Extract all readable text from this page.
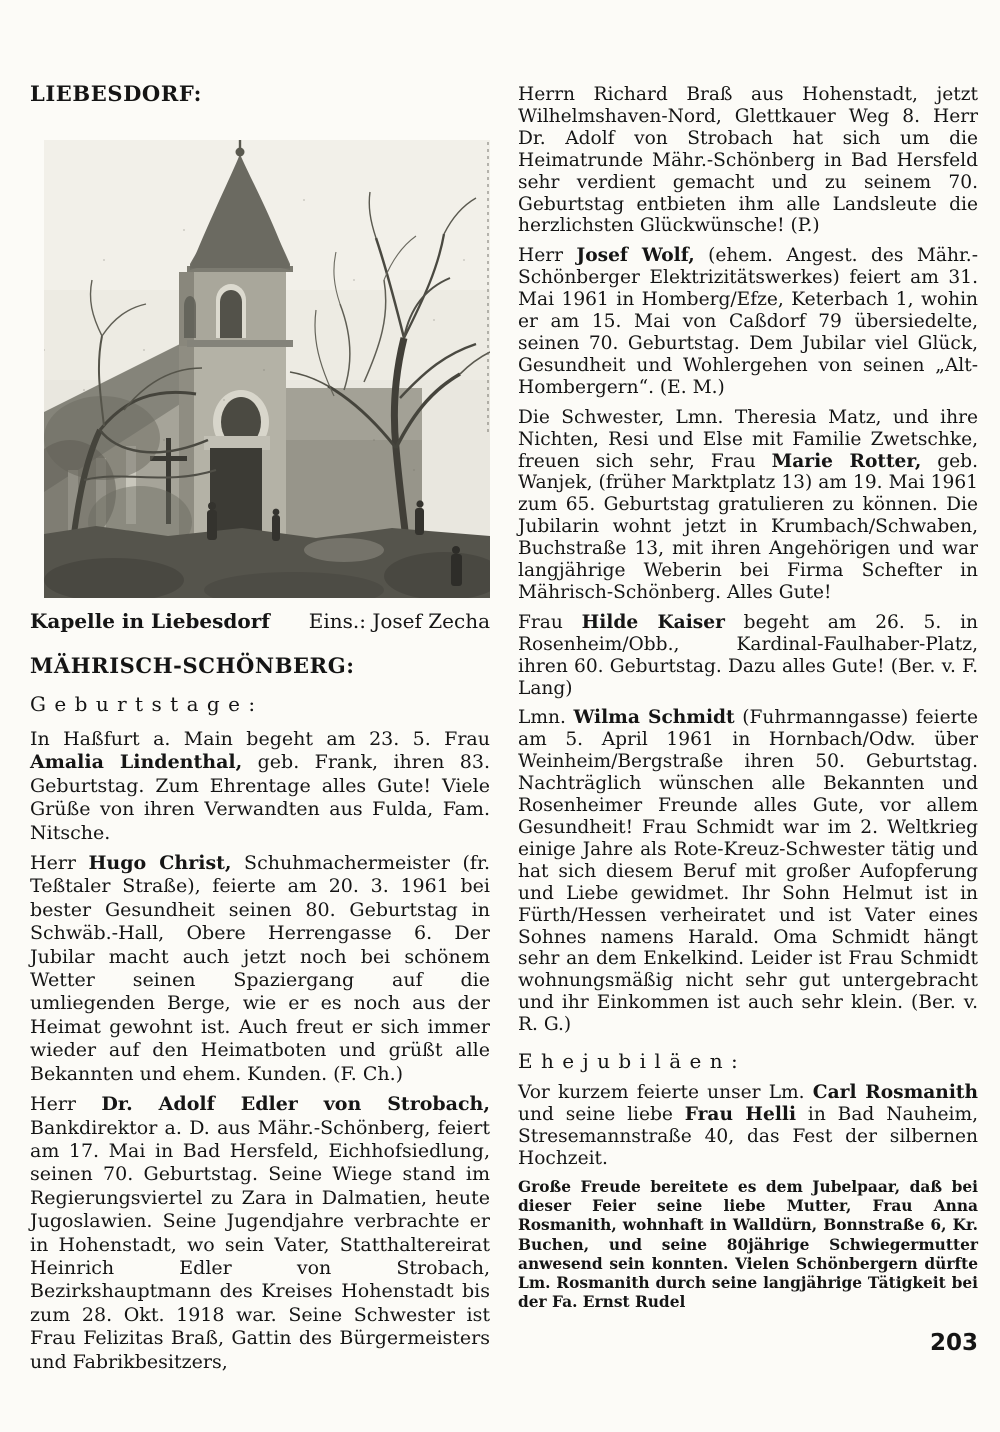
LIEBESDORF:
Kapelle in Liebesdorf Eins.: Josef Zecha
MÄHRISCH-SCHÖNBERG:
Geburtstage:

In Haßfurt a. Main begeht am 23. 5. Frau Amalia Lindenthal, geb. Frank, ihren 83. Geburtstag. Zum Ehrentage alles Gute! Viele Grüße von ihren Verwandten aus Fulda, Fam. Nitsche.

Herr Hugo Christ, Schuhmachermeister (fr. Teßtaler Straße), feierte am 20. 3. 1961 bei bester Gesundheit seinen 80. Geburtstag in Schwäb.-Hall, Obere Herrengasse 6. Der Jubilar macht auch jetzt noch bei schönem Wetter seinen Spaziergang auf die umliegenden Berge, wie er es noch aus der Heimat gewohnt ist. Auch freut er sich immer wieder auf den Heimatboten und grüßt alle Bekannten und ehem. Kunden. (F. Ch.)

Herr Dr. Adolf Edler von Strobach, Bankdirektor a. D. aus Mähr.-Schönberg, feiert am 17. Mai in Bad Hersfeld, Eichhofsiedlung, seinen 70. Geburtstag. Seine Wiege stand im Regierungsviertel zu Zara in Dalmatien, heute Jugoslawien. Seine Jugendjahre verbrachte er in Hohenstadt, wo sein Vater, Statthaltereirat Heinrich Edler von Strobach, Bezirkshauptmann des Kreises Hohenstadt bis zum 28. Okt. 1918 war. Seine Schwester ist Frau Felizitas Braß, Gattin des Bürgermeisters und Fabrikbesitzers,

Herrn Richard Braß aus Hohenstadt, jetzt Wilhelmshaven-Nord, Glettkauer Weg 8. Herr Dr. Adolf von Strobach hat sich um die Heimatrunde Mähr.-Schönberg in Bad Hersfeld sehr verdient gemacht und zu seinem 70. Geburtstag entbieten ihm alle Landsleute die herzlichsten Glückwünsche! (P.)

Herr Josef Wolf, (ehem. Angest. des Mähr.-Schönberger Elektrizitätswerkes) feiert am 31. Mai 1961 in Homberg/Efze, Keterbach 1, wohin er am 15. Mai von Caßdorf 79 übersiedelte, seinen 70. Geburtstag. Dem Jubilar viel Glück, Gesundheit und Wohlergehen von seinen „Alt-Hombergern“. (E. M.)

Die Schwester, Lmn. Theresia Matz, und ihre Nichten, Resi und Else mit Familie Zwetschke, freuen sich sehr, Frau Marie Rotter, geb. Wanjek, (früher Marktplatz 13) am 19. Mai 1961 zum 65. Geburtstag gratulieren zu können. Die Jubilarin wohnt jetzt in Krumbach/Schwaben, Buchstraße 13, mit ihren Angehörigen und war langjährige Weberin bei Firma Schefter in Mährisch-Schönberg. Alles Gute!

Frau Hilde Kaiser begeht am 26. 5. in Rosenheim/Obb., Kardinal-Faulhaber-Platz, ihren 60. Geburtstag. Dazu alles Gute! (Ber. v. F. Lang)

Lmn. Wilma Schmidt (Fuhrmanngasse) feierte am 5. April 1961 in Hornbach/Odw. über Weinheim/Bergstraße ihren 50. Geburtstag. Nachträglich wünschen alle Bekannten und Rosenheimer Freunde alles Gute, vor allem Gesundheit! Frau Schmidt war im 2. Weltkrieg einige Jahre als Rote-Kreuz-Schwester tätig und hat sich diesem Beruf mit großer Aufopferung und Liebe gewidmet. Ihr Sohn Helmut ist in Fürth/Hessen verheiratet und ist Vater eines Sohnes namens Harald. Oma Schmidt hängt sehr an dem Enkelkind. Leider ist Frau Schmidt wohnungsmäßig nicht sehr gut untergebracht und ihr Einkommen ist auch sehr klein. (Ber. v. R. G.)

Ehejubiläen:

Vor kurzem feierte unser Lm. Carl Rosmanith und seine liebe Frau Helli in Bad Nauheim, Stresemannstraße 40, das Fest der silbernen Hochzeit.

Große Freude bereitete es dem Jubelpaar, daß bei dieser Feier seine liebe Mutter, Frau Anna Rosmanith, wohnhaft in Walldürn, Bonnstraße 6, Kr. Buchen, und seine 80jährige Schwiegermutter anwesend sein konnten. Vielen Schönbergern dürfte Lm. Rosmanith durch seine langjährige Tätigkeit bei der Fa. Ernst Rudel

203
